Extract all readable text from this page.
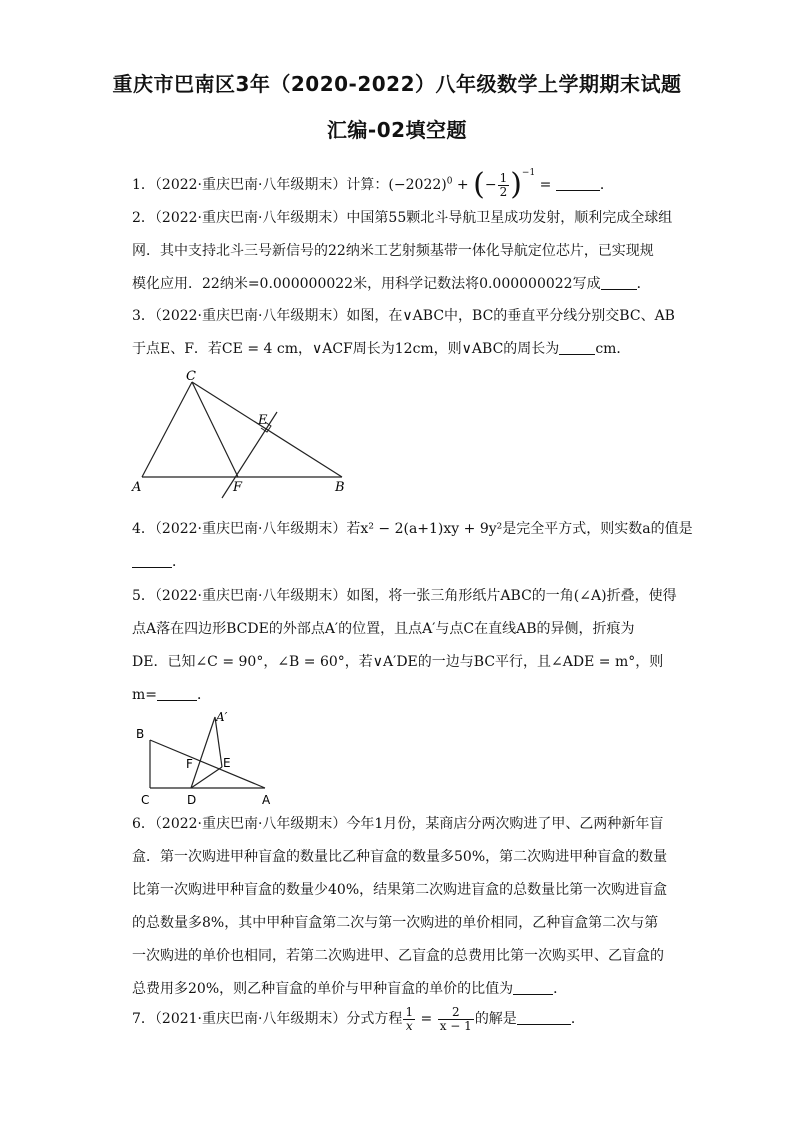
重庆市巴南区3年（2020-2022）八年级数学上学期期末试题
汇编-02填空题
1．（2022·重庆巴南·八年级期末）计算：$(-2022)^0$ + (− $\frac{1}{2} )^{-1}$ =	．
2．（2022·重庆巴南·八年级期末）中国第55颗北斗导航卫星成功发射，顺利完成全球组
网．其中支持北斗三号新信号的22纳米工艺射频基带一体化导航定位芯片，已实现规
模化应用．22纳米=0.000000022米，用科学记数法将0.000000022写成	．
3．（2022·重庆巴南·八年级期末）如图，在∨ABC中，BC的垂直平分线分别交BC、AB
于点E、F．若CE = 4 cm，∨ACF周长为12cm，则∨ABC的周长为	cm．
C
E
A	F	B
4．（2022·重庆巴南·八年级期末）若x² − 2(a+1)xy + 9y²是完全平方式，则实数a的值是
．
5．（2022·重庆巴南·八年级期末）如图，将一张三角形纸片ABC的一角(∠A)折叠，使得
点A落在四边形BCDE的外部点A′的位置，且点A′与点C在直线AB的异侧，折痕为
DE．已知∠C = 90°，∠B = 60°，若∨A′DE的一边与BC平行，且∠ADE = m°，则
m=	．
A′
B
F	E
C	D	A
6．（2022·重庆巴南·八年级期末）今年1月份，某商店分两次购进了甲、乙两种新年盲
盒．第一次购进甲种盲盒的数量比乙种盲盒的数量多50%，第二次购进甲种盲盒的数量
比第一次购进甲种盲盒的数量少40%，结果第二次购进盲盒的总数量比第一次购进盲盒
的总数量多8%，其中甲种盲盒第二次与第一次购进的单价相同，乙种盲盒第二次与第
一次购进的单价也相同，若第二次购进甲、乙盲盒的总费用比第一次购买甲、乙盲盒的
总费用多20%，则乙种盲盒的单价与甲种盲盒的单价的比值为	．
7．（2021·重庆巴南·八年级期末）分式方程 $\frac{1}{x} = \frac{2}{x - 1}$ 的解是	．
